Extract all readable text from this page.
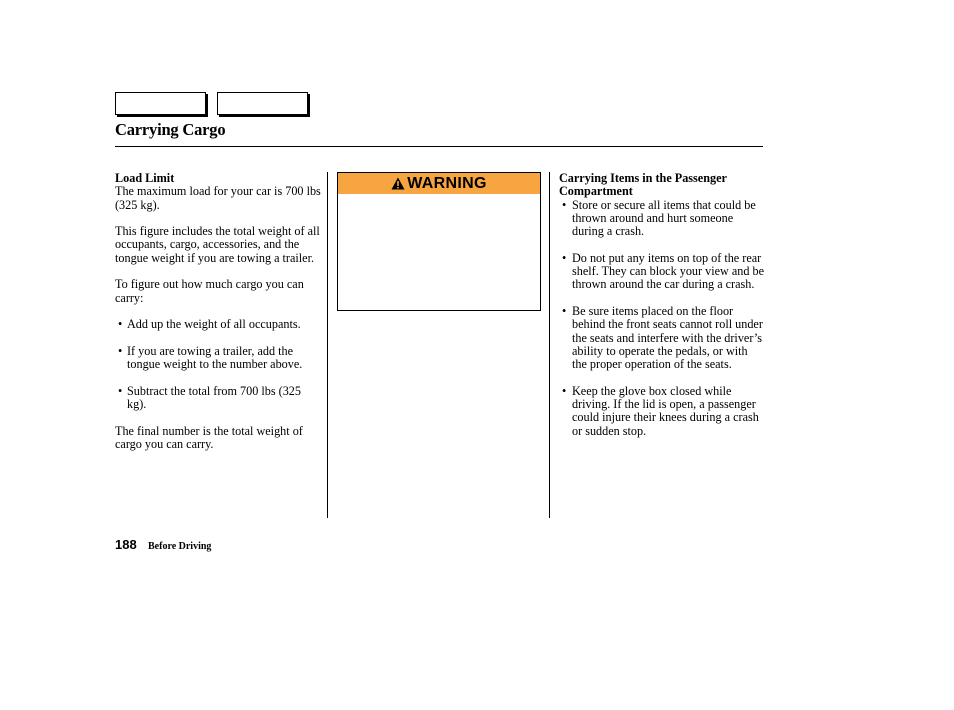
Carrying Cargo

Load Limit

The maximum load for your car is 700 lbs (325 kg).

This figure includes the total weight of all occupants, cargo, accessories, and the tongue weight if you are towing a trailer.

To figure out how much cargo you can carry:

• Add up the weight of all occupants.

• If you are towing a trailer, add the tongue weight to the number above.

• Subtract the total from 700 lbs (325 kg).

The final number is the total weight of cargo you can carry.

WARNING	Carrying Items in the Passenger Compartment

• Store or secure all items that could be thrown around and hurt someone during a crash.

• Do not put any items on top of the rear shelf. They can block your view and be thrown around the car during a crash.

• Be sure items placed on the floor behind the front seats cannot roll under the seats and interfere with the driver’s ability to operate the pedals, or with the proper operation of the seats.

• Keep the glove box closed while driving. If the lid is open, a passenger could injure their knees during a crash or sudden stop.

188 Before Driving
